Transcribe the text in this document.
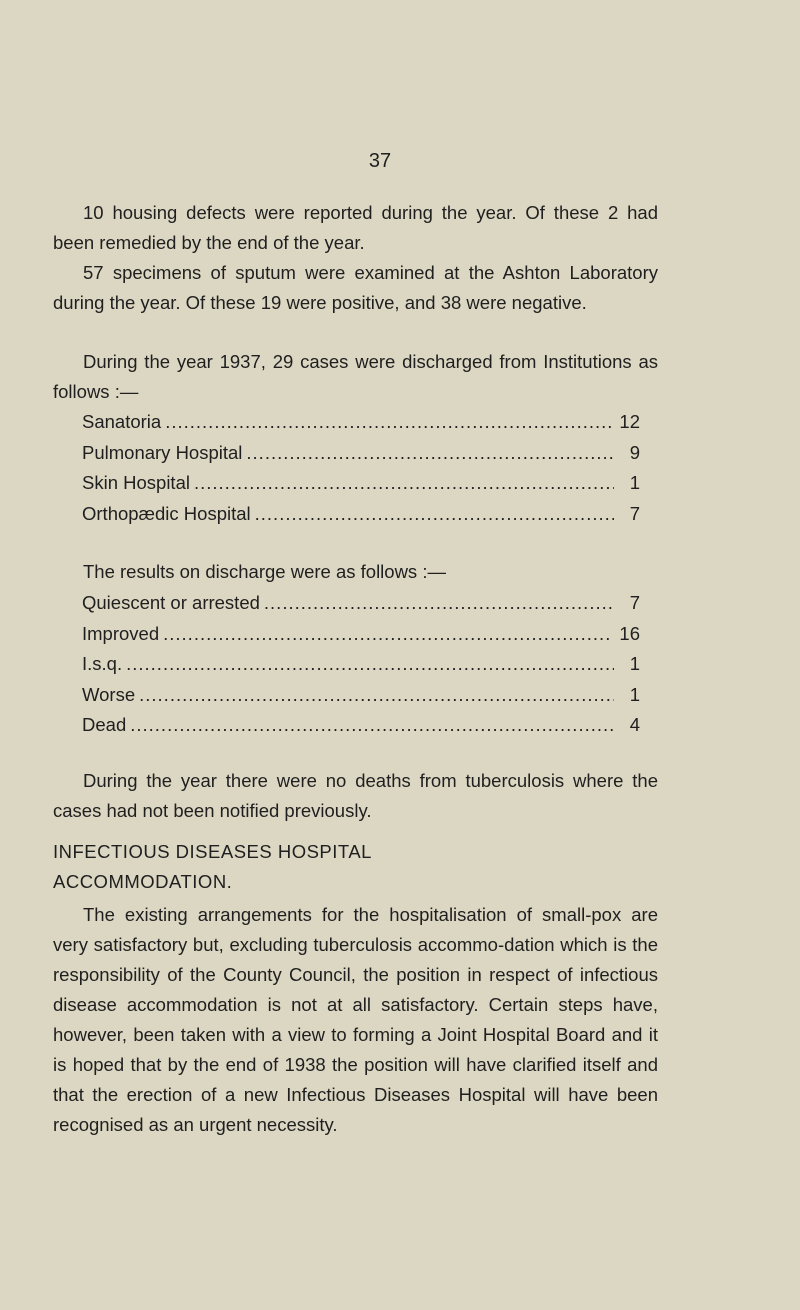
37

10 housing defects were reported during the year. Of these 2 had been remedied by the end of the year.

57 specimens of sputum were examined at the Ashton Laboratory during the year. Of these 19 were positive, and 38 were negative.

During the year 1937, 29 cases were discharged from Institutions as follows :—

Sanatoria .....	12
Pulmonary Hospital .....	9
Skin Hospital .....	1
Orthopædic Hospital .....	7

The results on discharge were as follows :—

Quiescent or arrested .....	7
Improved .....	16
I.s.q. .....	1
Worse .....	1
Dead .....	4

During the year there were no deaths from tuberculosis where the cases had not been notified previously.

INFECTIOUS DISEASES HOSPITAL
ACCOMMODATION.

The existing arrangements for the hospitalisation of small-pox are very satisfactory but, excluding tuberculosis accommo-dation which is the responsibility of the County Council, the position in respect of infectious disease accommodation is not at all satisfactory. Certain steps have, however, been taken with a view to forming a Joint Hospital Board and it is hoped that by the end of 1938 the position will have clarified itself and that the erection of a new Infectious Diseases Hospital will have been recognised as an urgent necessity.
